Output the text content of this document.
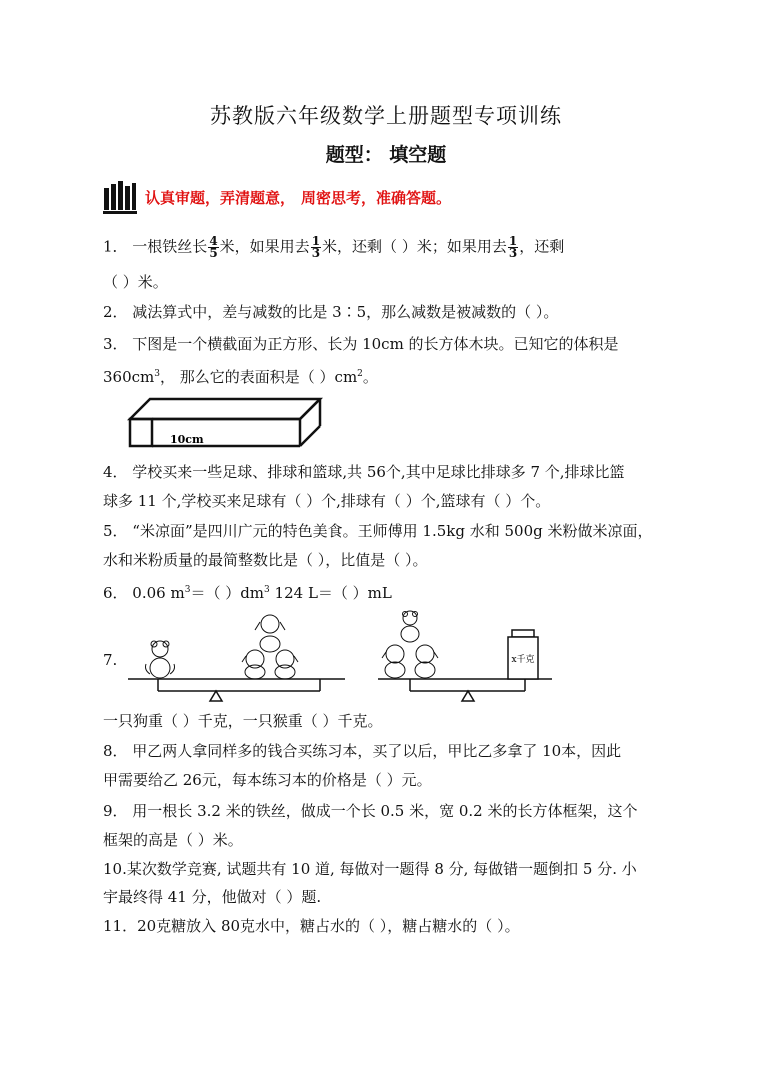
苏教版六年级数学上册题型专项训练
题型： 填空题
认真审题，弄清题意， 周密思考，准确答题。
1． 一根铁丝长 $\frac{4}{5}$ 米，如果用去 $\frac{1}{3}$ 米，还剩（ ）米；如果用去 $\frac{1}{3}$ ，还剩
（ ）米。
2． 减法算式中，差与减数的比是 3∶5，那么减数是被减数的（ ）。
3． 下图是一个横截面为正方形、长为 10cm 的长方体木块。已知它的体积是
$360cm^3$， 那么它的表面积是（ ）$cm^2$。
10cm
4． 学校买来一些足球、排球和篮球,共 56个,其中足球比排球多 7 个,排球比篮
球多 11 个,学校买来足球有（ ）个,排球有（ ）个,篮球有（ ）个。
5． “米凉面”是四川广元的特色美食。王师傅用 1.5kg 水和 500g 米粉做米凉面，
水和米粉质量的最简整数比是（ ），比值是（ ）。
6． 0.06 $m^3=$（ ）$dm^3$ 124 L＝（ ）mL
7.	x千克
一只狗重（ ）千克，一只猴重（ ）千克。
8． 甲乙两人拿同样多的钱合买练习本，买了以后，甲比乙多拿了 10本，因此
甲需要给乙 26元，每本练习本的价格是（ ）元。
9． 用一根长 3.2 米的铁丝，做成一个长 0.5 米，宽 0.2 米的长方体框架，这个
框架的高是（ ）米。
10.某次数学竞赛, 试题共有 10 道, 每做对一题得 8 分, 每做错一题倒扣 5 分. 小
宇最终得 41 分，他做对（ ）题.
11．20克糖放入 80克水中，糖占水的（ ），糖占糖水的（ ）。
